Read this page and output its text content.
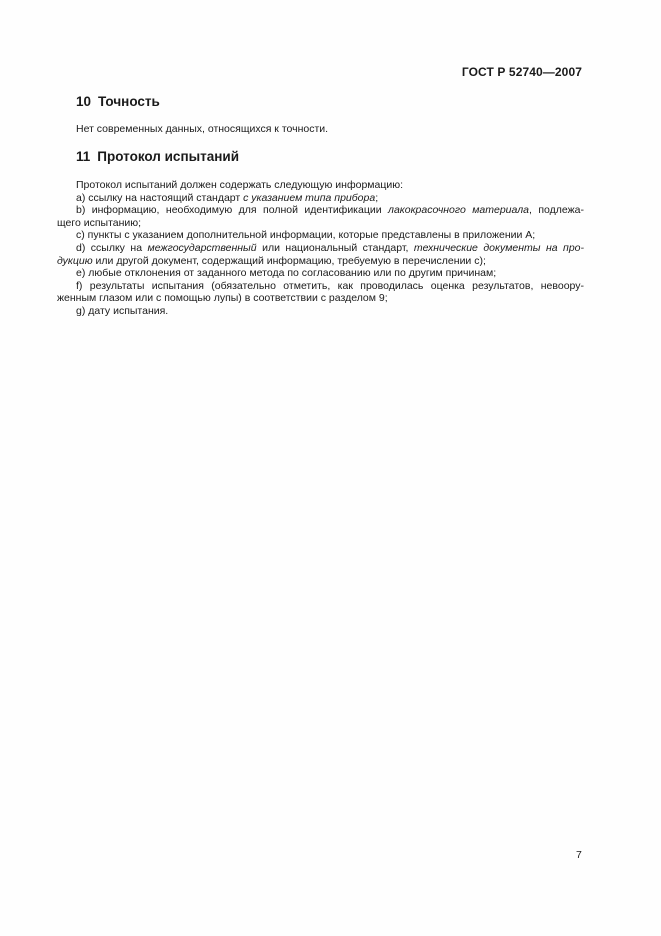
ГОСТ Р 52740—2007
10 Точность
Нет современных данных, относящихся к точности.
11 Протокол испытаний
Протокол испытаний должен содержать следующую информацию:
a) ссылку на настоящий стандарт с указанием типа прибора;
b) информацию, необходимую для полной идентификации лакокрасочного материала, подлежа-
щего испытанию;
c) пункты с указанием дополнительной информации, которые представлены в приложении А;
d) ссылку на межгосударственный или национальный стандарт, технические документы на про-
дукцию или другой документ, содержащий информацию, требуемую в перечислении с);
e) любые отклонения от заданного метода по согласованию или по другим причинам;
f) результаты испытания (обязательно отметить, как проводилась оценка результатов, невоору-
женным глазом или с помощью лупы) в соответствии с разделом 9;
g) дату испытания.
7
